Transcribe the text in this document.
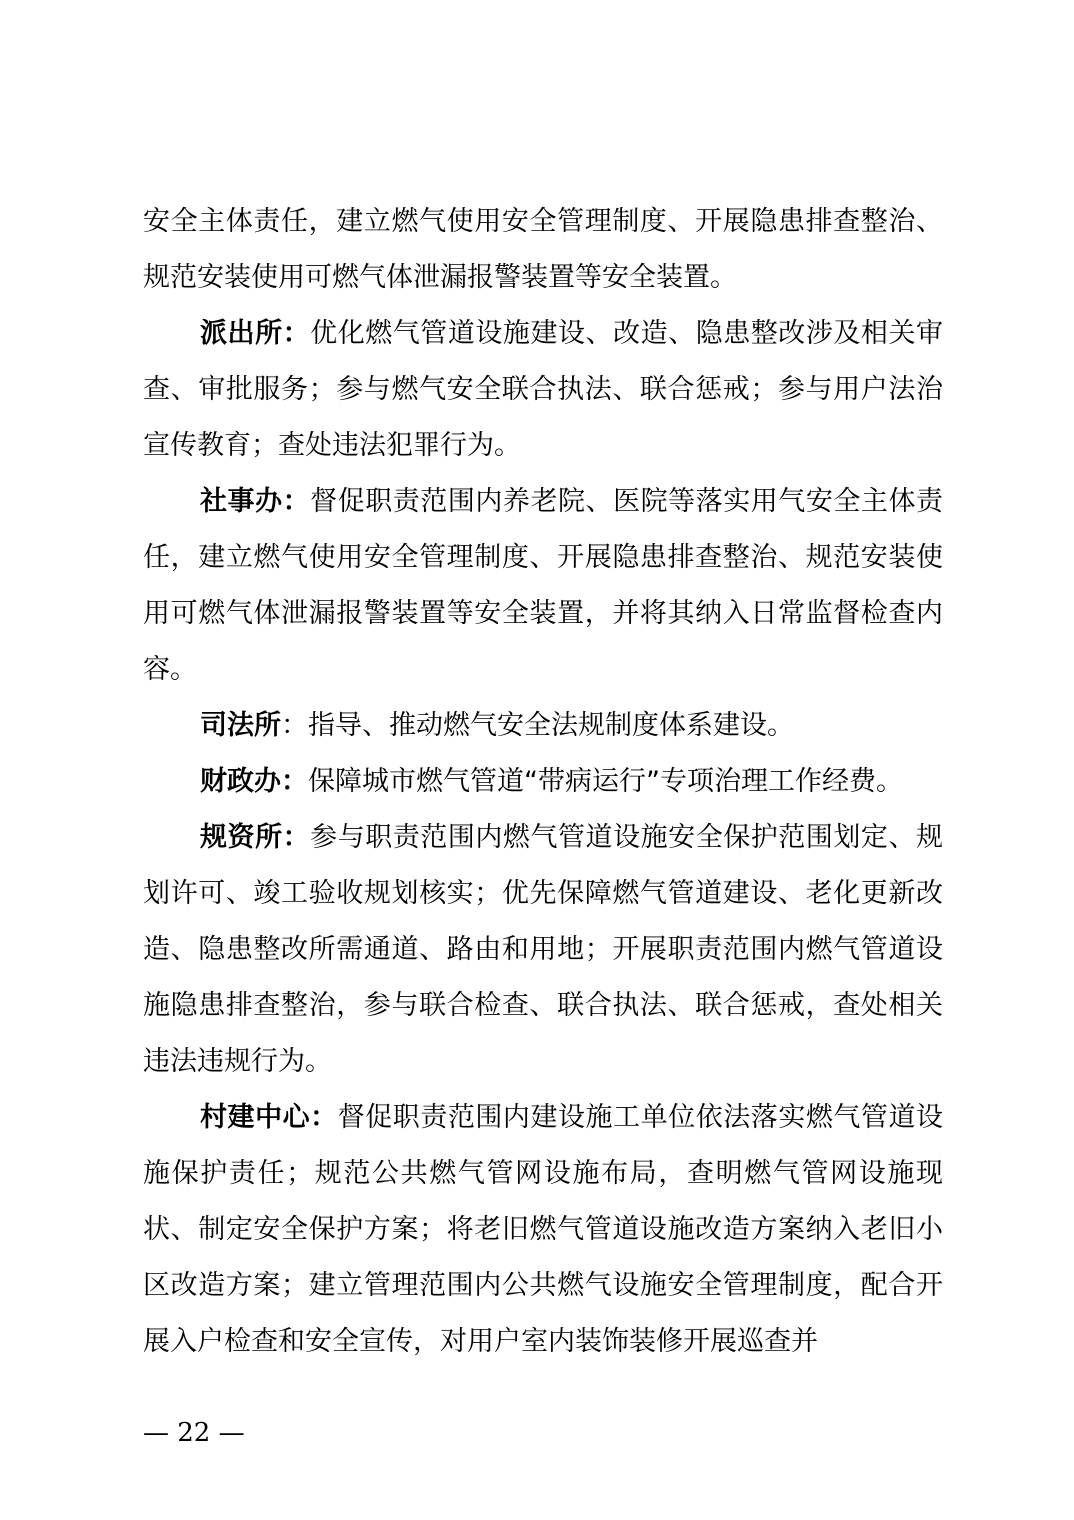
安全主体责任，建立燃气使用安全管理制度、开展隐患排查整治、规范安装使用可燃气体泄漏报警装置等安全装置。

派出所：优化燃气管道设施建设、改造、隐患整改涉及相关审查、审批服务；参与燃气安全联合执法、联合惩戒；参与用户法治宣传教育；查处违法犯罪行为。

社事办：督促职责范围内养老院、医院等落实用气安全主体责任，建立燃气使用安全管理制度、开展隐患排查整治、规范安装使用可燃气体泄漏报警装置等安全装置，并将其纳入日常监督检查内容。

司法所：指导、推动燃气安全法规制度体系建设。

财政办：保障城市燃气管道“带病运行”专项治理工作经费。

规资所：参与职责范围内燃气管道设施安全保护范围划定、规划许可、竣工验收规划核实；优先保障燃气管道建设、老化更新改造、隐患整改所需通道、路由和用地；开展职责范围内燃气管道设施隐患排查整治，参与联合检查、联合执法、联合惩戒，查处相关违法违规行为。

村建中心：督促职责范围内建设施工单位依法落实燃气管道设施保护责任；规范公共燃气管网设施布局，查明燃气管网设施现状、制定安全保护方案；将老旧燃气管道设施改造方案纳入老旧小区改造方案；建立管理范围内公共燃气设施安全管理制度，配合开展入户检查和安全宣传，对用户室内装饰装修开展巡查并

— 22 —
